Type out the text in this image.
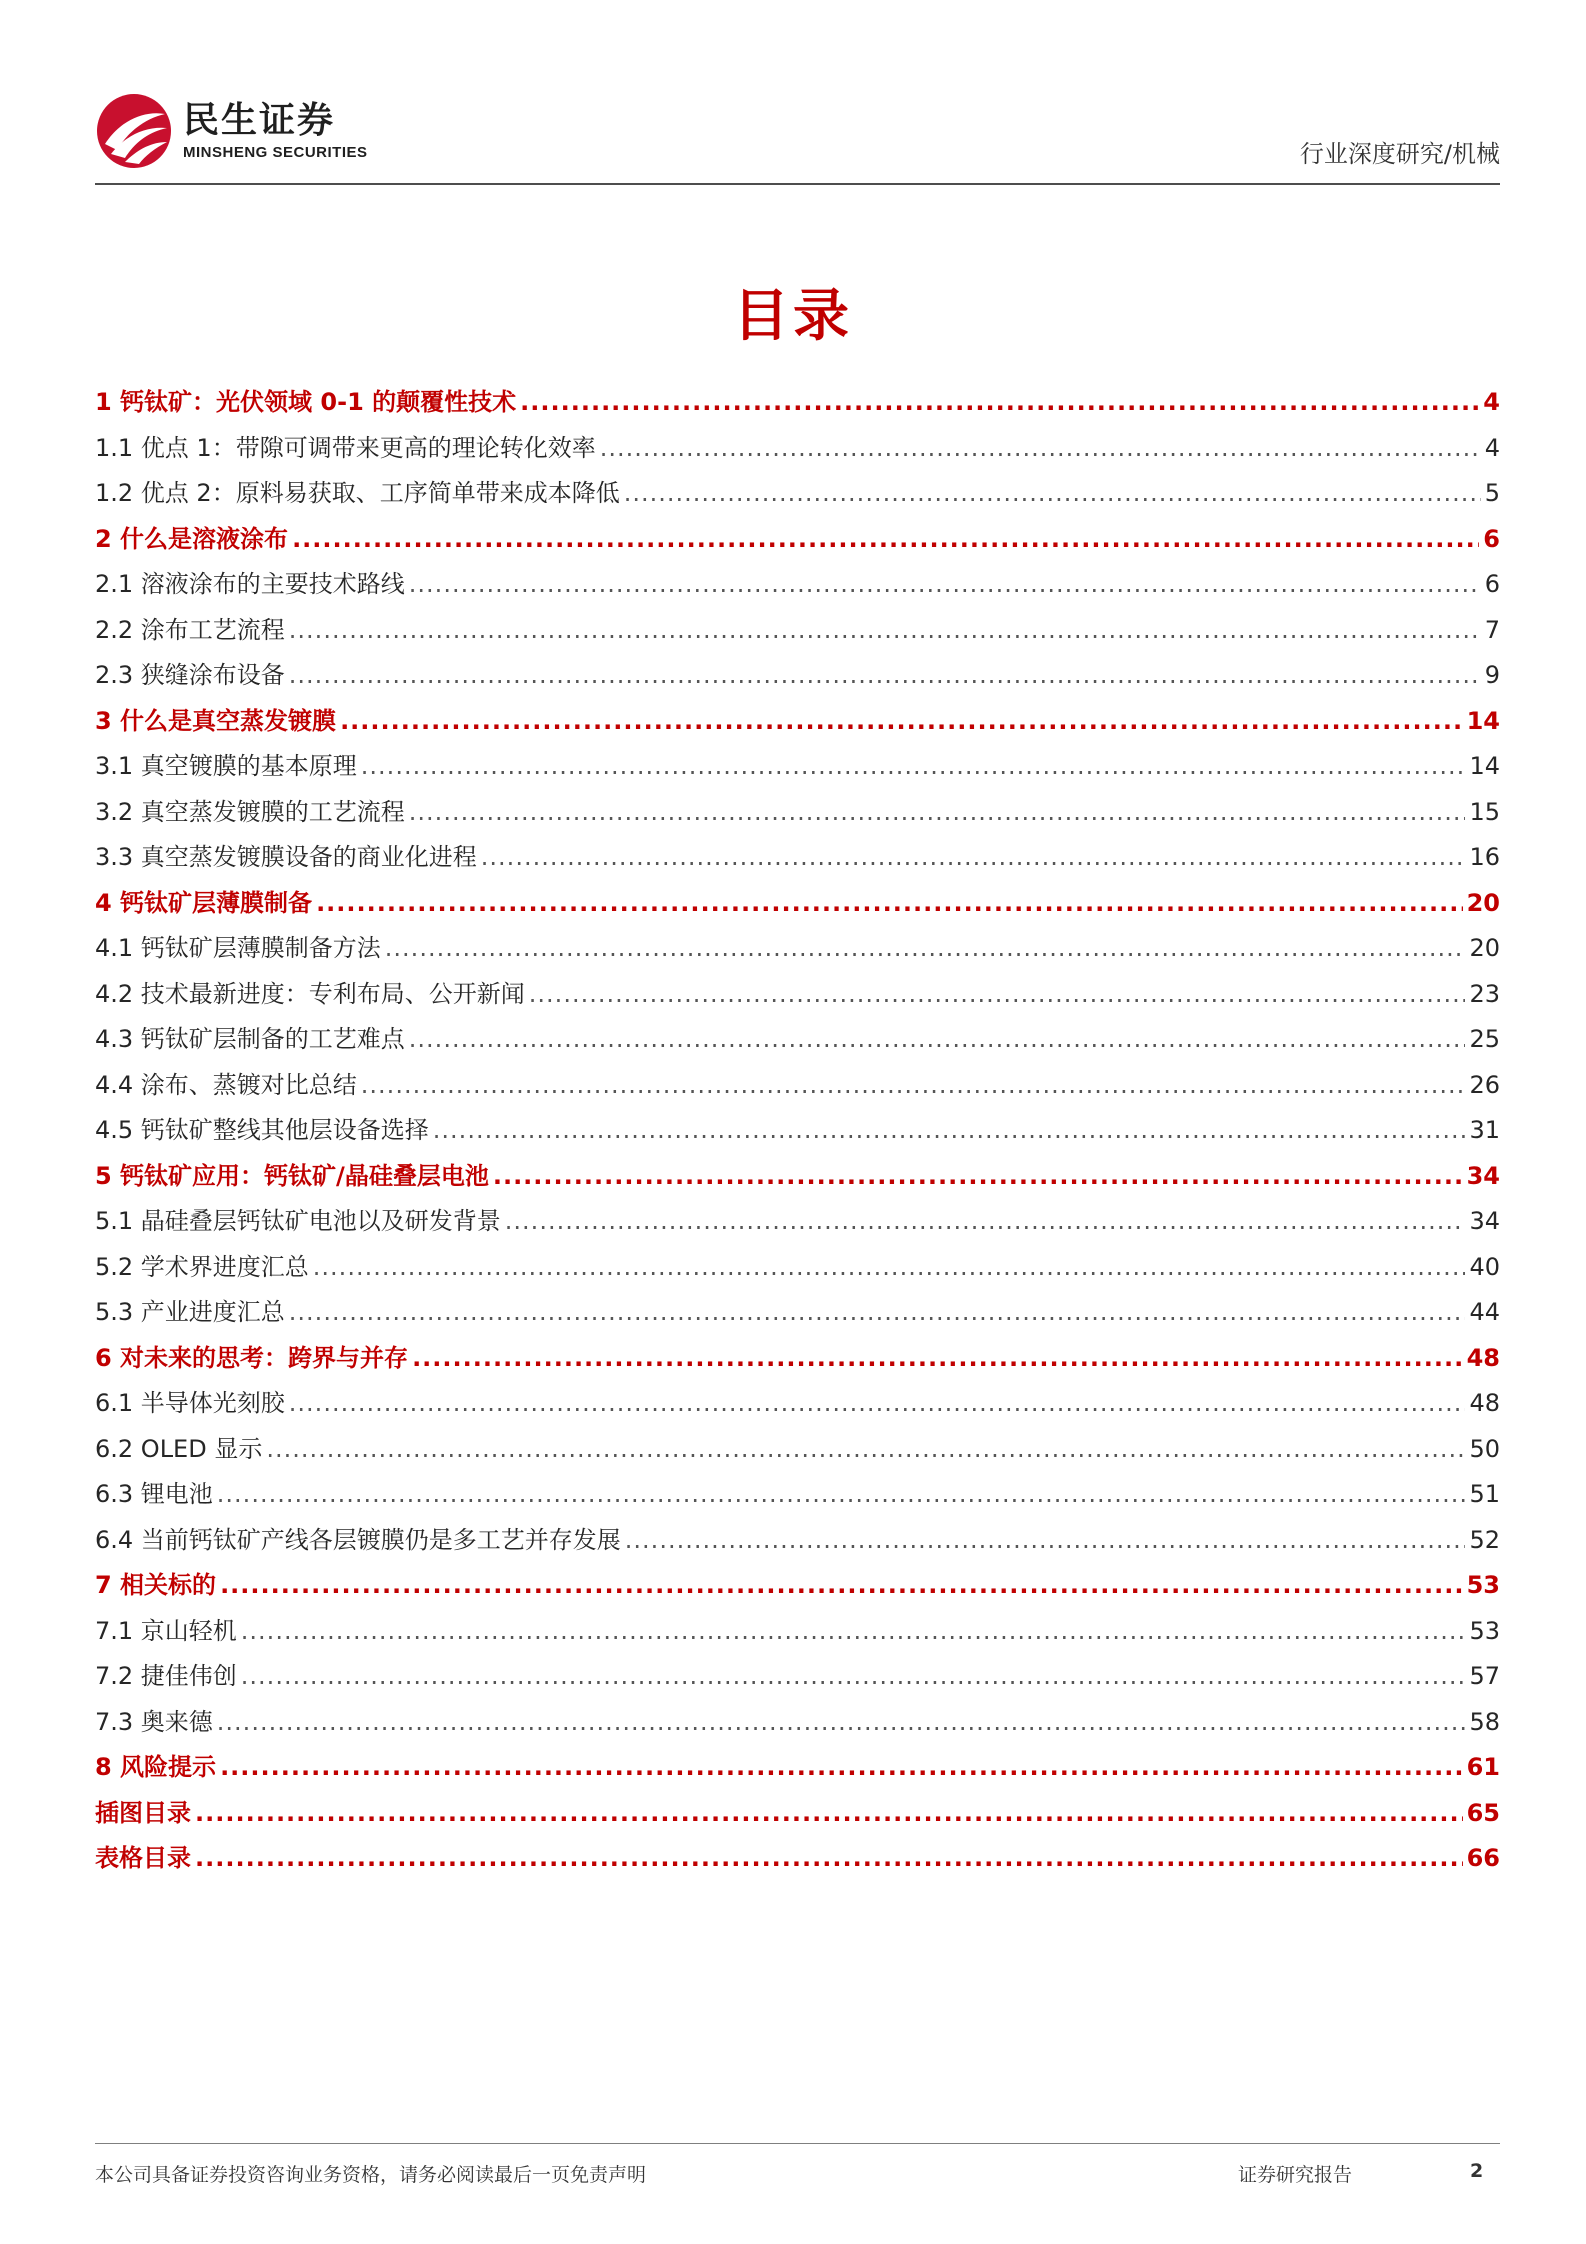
民生证券
MINSHENG SECURITIES	行业深度研究/机械
目录
1 钙钛矿：光伏领域 0-1 的颠覆性技术 .....	4
1.1 优点 1：带隙可调带来更高的理论转化效率 .....	4
1.2 优点 2：原料易获取、工序简单带来成本降低 .....	5
2 什么是溶液涂布 .....	6
2.1 溶液涂布的主要技术路线 .....	6
2.2 涂布工艺流程 .....	7
2.3 狭缝涂布设备 .....	9
3 什么是真空蒸发镀膜 .....	14
3.1 真空镀膜的基本原理 .....	14
3.2 真空蒸发镀膜的工艺流程 .....	15
3.3 真空蒸发镀膜设备的商业化进程 .....	16
4 钙钛矿层薄膜制备 .....	20
4.1 钙钛矿层薄膜制备方法 .....	20
4.2 技术最新进度：专利布局、公开新闻 .....	23
4.3 钙钛矿层制备的工艺难点 .....	25
4.4 涂布、蒸镀对比总结 .....	26
4.5 钙钛矿整线其他层设备选择 .....	31
5 钙钛矿应用：钙钛矿/晶硅叠层电池 .....	34
5.1 晶硅叠层钙钛矿电池以及研发背景 .....	34
5.2 学术界进度汇总 .....	40
5.3 产业进度汇总 .....	44
6 对未来的思考：跨界与并存 .....	48
6.1 半导体光刻胶 .....	48
6.2 OLED 显示 .....	50
6.3 锂电池 .....	51
6.4 当前钙钛矿产线各层镀膜仍是多工艺并存发展 .....	52
7 相关标的 .....	53
7.1 京山轻机 .....	53
7.2 捷佳伟创 .....	57
7.3 奥来德 .....	58
8 风险提示 .....	61
插图目录 .....	65
表格目录 .....	66
本公司具备证券投资咨询业务资格，请务必阅读最后一页免责声明	证券研究报告	2
